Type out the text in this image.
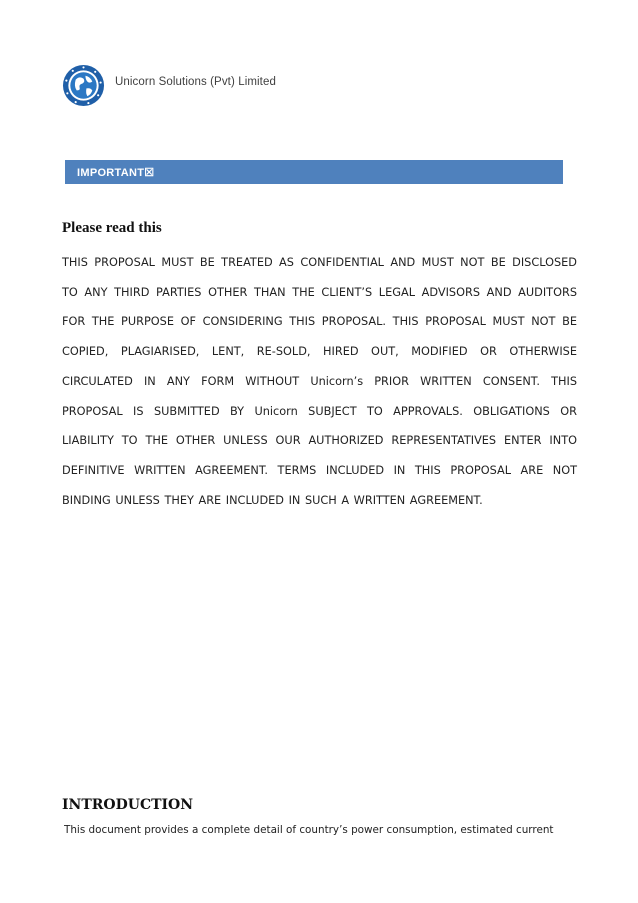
Unicorn Solutions (Pvt) Limited
IMPORTANT☒
Please read this

THIS PROPOSAL MUST BE TREATED AS CONFIDENTIAL AND MUST NOT BE DISCLOSED TO ANY THIRD PARTIES OTHER THAN THE CLIENT’S LEGAL ADVISORS AND AUDITORS FOR THE PURPOSE OF CONSIDERING THIS PROPOSAL. THIS PROPOSAL MUST NOT BE COPIED, PLAGIARISED, LENT, RE-SOLD, HIRED OUT, MODIFIED OR OTHERWISE CIRCULATED IN ANY FORM WITHOUT Unicorn’s PRIOR WRITTEN CONSENT. THIS PROPOSAL IS SUBMITTED BY Unicorn SUBJECT TO APPROVALS. OBLIGATIONS OR LIABILITY TO THE OTHER UNLESS OUR AUTHORIZED REPRESENTATIVES ENTER INTO DEFINITIVE WRITTEN AGREEMENT. TERMS INCLUDED IN THIS PROPOSAL ARE NOT BINDING UNLESS THEY ARE INCLUDED IN SUCH A WRITTEN AGREEMENT.

INTRODUCTION

This document provides a complete detail of country’s power consumption, estimated current
